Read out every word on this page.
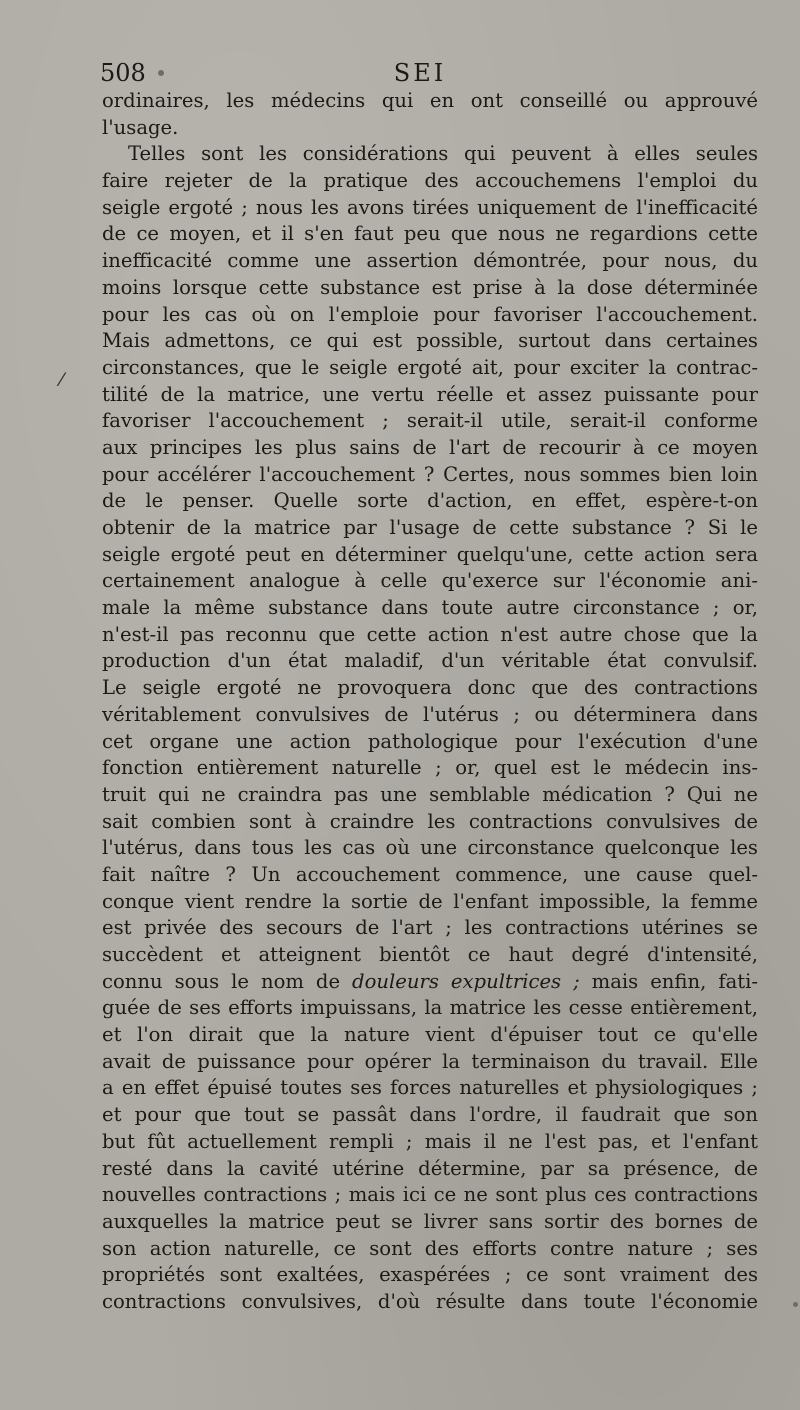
508	SEI
⁄
ordinaires, les médecins qui en ont conseillé ou approuvé
l'usage.
Telles sont les considérations qui peuvent à elles seules
faire rejeter de la pratique des accouchemens l'emploi du
seigle ergoté ; nous les avons tirées uniquement de l'inefficacité
de ce moyen, et il s'en faut peu que nous ne regardions cette
inefficacité comme une assertion démontrée, pour nous, du
moins lorsque cette substance est prise à la dose déterminée
pour les cas où on l'emploie pour favoriser l'accouchement.
Mais admettons, ce qui est possible, surtout dans certaines
circonstances, que le seigle ergoté ait, pour exciter la contrac-
tilité de la matrice, une vertu réelle et assez puissante pour
favoriser l'accouchement ; serait-il utile, serait-il conforme
aux principes les plus sains de l'art de recourir à ce moyen
pour accélérer l'accouchement ? Certes, nous sommes bien loin
de le penser. Quelle sorte d'action, en effet, espère-t-on
obtenir de la matrice par l'usage de cette substance ? Si le
seigle ergoté peut en déterminer quelqu'une, cette action sera
certainement analogue à celle qu'exerce sur l'économie ani-
male la même substance dans toute autre circonstance ; or,
n'est-il pas reconnu que cette action n'est autre chose que la
production d'un état maladif, d'un véritable état convulsif.
Le seigle ergoté ne provoquera donc que des contractions
véritablement convulsives de l'utérus ; ou déterminera dans
cet organe une action pathologique pour l'exécution d'une
fonction entièrement naturelle ; or, quel est le médecin ins-
truit qui ne craindra pas une semblable médication ? Qui ne
sait combien sont à craindre les contractions convulsives de
l'utérus, dans tous les cas où une circonstance quelconque les
fait naître ? Un accouchement commence, une cause quel-
conque vient rendre la sortie de l'enfant impossible, la femme
est privée des secours de l'art ; les contractions utérines se
succèdent et atteignent bientôt ce haut degré d'intensité,
connu sous le nom de douleurs expultrices ; mais enfin, fati-
guée de ses efforts impuissans, la matrice les cesse entièrement,
et l'on dirait que la nature vient d'épuiser tout ce qu'elle
avait de puissance pour opérer la terminaison du travail. Elle
a en effet épuisé toutes ses forces naturelles et physiologiques ;
et pour que tout se passât dans l'ordre, il faudrait que son
but fût actuellement rempli ; mais il ne l'est pas, et l'enfant
resté dans la cavité utérine détermine, par sa présence, de
nouvelles contractions ; mais ici ce ne sont plus ces contractions
auxquelles la matrice peut se livrer sans sortir des bornes de
son action naturelle, ce sont des efforts contre nature ; ses
propriétés sont exaltées, exaspérées ; ce sont vraiment des
contractions convulsives, d'où résulte dans toute l'économie
